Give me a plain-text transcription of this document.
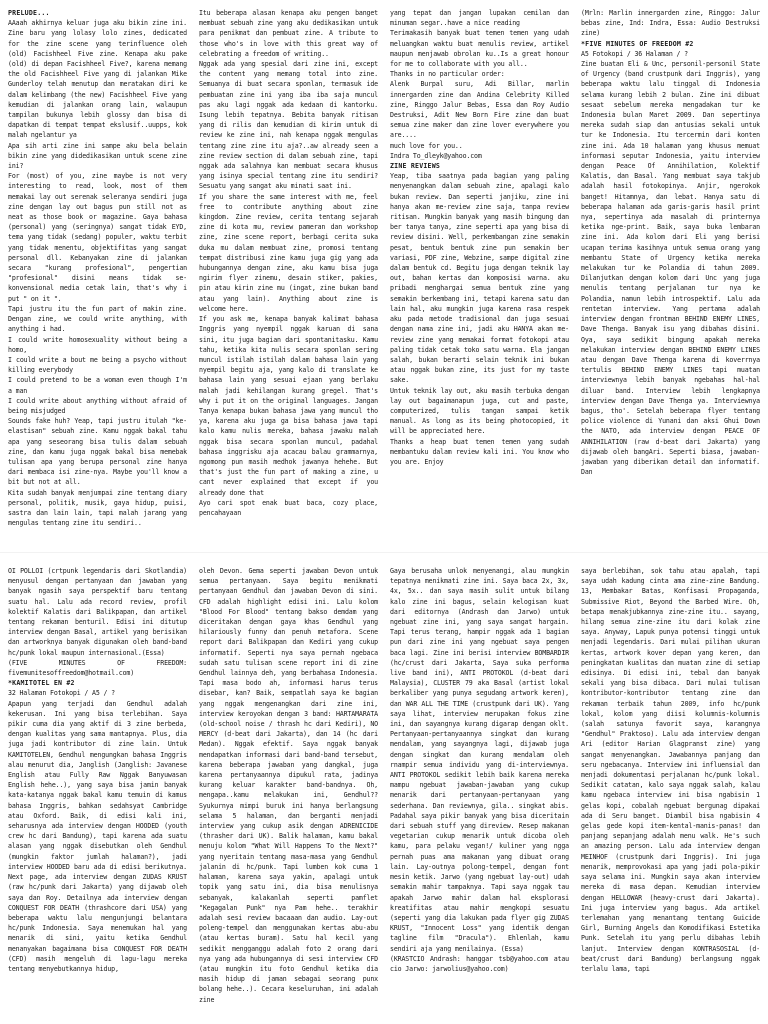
PRELUDE...

AAaah akhirnya keluar juga aku bikin zine ini. Zine baru yang lolasy lolo zines, dedicated for the zine scene yang terinfluence oleh (old) Facishheel Five zine. Kenapa aku pake (old) di depan Facishheel Five?, karena memang the old Facishheel Five yang di jalankan Mike Gunderloy telah menutup dan meratakan diri ke dalam kelimbang (the new) Facishheel Five yang kemudian di jalankan orang lain, walaupun tampilan bukunya lebih glossy dan bisa di dapatkan di tempat tempat ekslusif..uupps, kok malah ngelantur ya

Apa sih arti zine ini sampe aku bela belain bikin zine yang didedikasikan untuk scene zine ini?

For (most) of you, zine maybe is not very interesting to read, look, most of them memakai lay out serenak seleranya sendiri juga zine dengan lay out bagus pun still not as neat as those book or magazine. Gaya bahasa (personal) yang (seringnya) sangat tidak EYD, tema yang tidak (sedang) populer, waktu terbit yang tidak menentu, objektifitas yang sangat personal dll. Kebanyakan zine di jalankan secara "kurang profesional", pengertian "profesional" disini means tidak se-konvensional media cetak lain, that's why i put " on it ".

Tapi justru itu the fun part of makin zine. Dengan zine, we could write anything, with anything i had.

I could write homosexuality without being a homo,

I could write a bout me being a psycho without killing everybody

I could pretend to be a woman even though I'm a man

I could write about anything without afraid of being misjudged

Sounds fake huh? Yeap, tapi justru itulah "ke-elastisan" sebuah zine. Kamu nggak bakal tahu apa yang seseorang bisa tulis dalam sebuah zine, dan kamu juga nggak bakal bisa memebak tulisan apa yang berupa personal zine hanya dari membaca isi zine-nya. Maybe you'll know a bit but not at all.

Kita sudah banyak menjumpai zine tentang diary personal, politik, musik, gaya hidup, puisi, sastra dan lain lain, tapi malah jarang yang mengulas tentang zine itu sendiri..

Itu beberapa alasan kenapa aku pengen banget membuat sebuah zine yang aku dedikasikan untuk para penikmat dan pembuat zine. A tribute to those who's in love with this great way of celebrating a freedom of writing..

Nggak ada yang spesial dari zine ini, except the content yang memang total into zine. Semuanya di buat secara sponlan, termasuk ide pembuatan zine ini yang iba iba saja muncul pas aku lagi nggak ada kedaan di kantorku. Isung lebih tepatnya. Bebita banyak ritisan yang di rilis dan kemudian di kirim untuk di review ke zine ini, nah kenapa nggak mengulas tentang zine zine itu aja?..aw already seen a zine review section di dalam sebuah zine, tapi nggak ada salahnya kan membuat secara khusus yang isinya special tentang zine itu sendiri? Sesuatu yang sangat aku minati saat ini.

If you share the same interest with me, feel free to contribute anything about zine kingdom. Zine review, cerita tentang sejarah zine di kota mu, review pameran dan workshop zine, zine scene report, berbagi cerita suka duka mu dalam membuat zine, promosi tentang tempat distribusi zine kamu juga gig yang ada hubungannya dengan zine, aku kamu bisa juga ngirim flyer zinemu, desain stiker, pakies, pin atau kirin zine mu (ingat, zine bukan band atau yang lain). Anything about zine is welcome here.

If you ask me, kenapa banyak kalimat bahasa Inggris yang nyempil nggak karuan di sana sini, itu juga bagian dari spontanitasku. Kamu tahu, ketika kita nulis secara sponlan sering muncul istilah istilah dalam bahasa lain yang nyempil begitu aja, yang kalo di translate ke bahasa lain yang sesuai ejaan yang berlaku malah jadi kehilangan kurang gregel. That's why i put it on the original languages. Jangan Tanya kenapa bukan bahasa jawa yang muncul tho ya, karena aku juga ga bisa bahasa jawa tapi kalo kamu nulis mereka, bahasa jawaku malah nggak bisa secara sponlan muncul, padahal bahasa inggrisku aja acacau balau grammarnya, ngomong pun masih medhok jawanya hehehe. But that's just the fun part of making a zine, u cant never explained that except if you already done that

Ayo cari spot enak buat baca, cozy place, pencahayaan

yang tepat dan jangan lupakan cemilan dan minuman segar..have a nice reading

Terimakasih banyak buat temen temen yang udah meluangkan waktu buat menulis review, artikel maupun menjawab obrolan ku..Is a great honour for me to collaborate with you all..

Thanks in no particular order:

Alenk Burpal suru, Adi Billar, marlin innergarden zine dan Andina Celebrity Killed zine, Ringgo Jalur Bebas, Essa dan Roy Audio Destruksi, Adit New Born Fire zine dan buat semua zine maker dan zine lover everywhere you are....

much love for you..

Indra To_dleyk@yahoo.com

ZINE REVIEWS

Yeap, tiba saatnya pada bagian yang paling menyenangkan dalam sebuah zine, apalagi kalo bukan review. Dan seperti janjiku, zine ini hanya akan me-review zine saja, tanpa review ritisan. Mungkin banyak yang masih bingung dan ber tanya tanya, zine seperti apa yang bisa di review disini. Well, perkembangan zine semakin pesat, bentuk bentuk zine pun semakin ber variasi, PDF zine, Webzine, sampe digital zine dalam bentuk cd. Begitu juga dengan teknik lay out, bahan kertas dan komposisi warna. aku pribadi menghargai semua bentuk zine yang semakin berkembang ini, tetapi karena satu dan lain hal, aku mungkin juga karena rasa respek aku pada metode tradisional dan juga sesuai dengan nama zine ini, jadi aku HANYA akan me-review zine yang memakai format fotokopi atau paling tidak cetak toko satu warna. Ela jangan salah, bukan berarti selain teknik ini bukan atau nggak bukan zine, its just for my taste sake.

Untuk teknik lay out, aku masih terbuka dengan lay out bagaimanapun juga, cut and paste, computerized, tulis tangan sampai ketik manual. As long as its being photocopied, it will be appreciated here.

Thanks a heap buat temen temen yang sudah membantuku dalam review kali ini. You know who you are. Enjoy

(Mrln: Marlin innergarden zine, Ringgo: Jalur bebas zine, Ind: Indra, Essa: Audio Destruksi zine)

*FIVE MINUTES OF FREEDOM #2

A5 Fotokopi / 36 Halaman / ?

Zine buatan Eli & Unc, personil-personil State of Urgency (band crustpunk dari Inggris), yang beberapa waktu lalu tinggal di Indonesia selama kurang lebih 2 bulan. Zine ini dibuat sesaat sebelum mereka mengadakan tur ke Indonesia bulan Maret 2009. Dan sepertinya mereka sudah siap dan antusias sekali untuk tur ke Indonesia. Itu tercermin dari konten zine ini. Ada 10 halaman yang khusus memuat informasi seputar Indonesia, yaitu interview dengan Peace Of Annihilation, Kolektif Kalatis, dan Basal. Yang membuat saya takjub adalah hasil fotokopinya. Anjir, ngerokok banget! Hitamnya, dan lebat. Hanya satu di beberapa halaman ada garis-garis hasil print nya, sepertinya ada masalah di printernya ketika nge-print. Baik, saya buka lembaran zine ini. Ada kolom dari Eli yang berisi ucapan terima kasihnya untuk semua orang yang membantu State of Urgency ketika mereka melakukan tur ke Polandia di tahun 2009. Dilanjutkan dengan kolom dari Unc yang juga menulis tentang perjalanan tur nya ke Polandia, namun lebih introspektif. Lalu ada rentetan interview. Yang pertama adalah interview dengan frontman BEHIND ENEMY LINES, Dave Thenga. Banyak isu yang dibahas disini. Oya, saya sedikit bingung apakah mereka melakukan interview dengan BEHIND ENEMY LINES atau dengan Dave Thenga karena di koverrnya tertulis BEHIND ENEMY LINES tapi muatan interviewnya lebih banyak ngebahas hal-hal diluar band. Interview lebih lengkapnya interview dengan Dave Thenga ya. Interviewnya bagus, tho'. Setelah beberapa flyer tentang police violence di Yunani dan aksi Ghui Down the NATO, ada interview dengan PEACE OF ANNIHILATION (raw d-beat dari Jakarta) yang dijawab oleh bangAri. Seperti biasa, jawaban-jawaban yang diberikan detail dan informatif. Dan

OI POLLOI (crtpunk legendaris dari Skotlandia) menyusul dengan pertanyaan dan jawaban yang banyak ngasih saya perspektif baru tentang suatu hal. Lalu ada record review, profil kolektif Kalatis dari Balikpapan, dan artikel tentang rekaman benturil. Edisi ini ditutup interview dengan Basal, artikel yang berisikan dan artworknya banyak digunakan oleh band-band hc/punk lokal maupun internasional.(Essa)

(FIVE MINUTES OF FREEDOM: fivemunitesoffreedom@hotmail.com)

*KAMITOTEL EN #2

32 Halaman Fotokopi / A5 / ?

Apapun yang terjadi dan Gendhul adalah kekerusan. Ini yang bisa terlebihan. Saya pikir cuma dia yang aktif di 3 zine berbeda, dengan kualitas yang sama mantapnya. Plus, dia juga jadi kontributor di zine lain. Untuk KAMITOTELEN, Gendhul mengungkan bahasa Inggris alau menurut dia, Janglish (Janglish: Javanese English atau Fully Raw Nggak Banyuwasan English hehe..), yang saya bisa jamin banyak kata-katanya nggak bakal kamu temuin di kamus bahasa Inggris, bahkan sedahsyat Cambridge atau Oxford. Baik, di edisi kali ini, seharusnya ada interview dengan HOODED (youth crew hc dari Bandung), tapi karena ada suatu alasan yang nggak disebutkan oleh Gendhul (mungkin faktor jumlah halaman?), jadi interview HOODED baru ada di edisi berikutnya. Next page, ada interview dengan ZUDAS KRUST (raw hc/punk dari Jakarta) yang dijawab oleh saya dan Roy. Detailnya ada interview dengan CONQUEST FOR DEATH (thrashcore dari USA) yang beberapa waktu lalu mengunjungi belantara hc/punk Indonesia. Saya menemukan hal yang menarik di sini, yaitu ketika Gendhul menanyakan bagaimana bisa CONQUEST FOR DEATH (CFD) masih mengeluh di lagu-lagu mereka tentang menyebutkannya hidup,

oleh Devon. Gema seperti jawaban Devon untuk semua pertanyaan. Saya begitu menikmati pertanyaan Gendhul dan jawaban Devon di sini. CFD adalah highlight edisi ini. Lalu kolom "Blood For Blood" tentang bakso demdam yang diceritakan dengan gaya khas Gendhul yang hilariously funny dan penuh metafora. Scene report dari Balikpapan dan Kediri yang cukup informatif. Seperti nya saya pernah ngebaca sudah satu tulisan scene report ini di zine Gendhul lainnya deh, yang berbahasa Indonesia. Tapi masa bodo ah, informasi harus terus disebar, kan? Baik, sempatlah saya ke bagian yang nggak mengenangkan dari zine ini, interview keroyokan dengan 3 band: HARTAMARATA (old-school noise / thrash hc dari Kediri), NO MERCY (d-beat dari Jakarta), dan 14 (hc dari Medan). Nggak efektif. Saya nggak banyak mendapatkan informasi dari band-band tersebut, karena beberapa jawaban yang dangkal, juga karena pertanyaannya dipukul rata, jadinya kurang keluar karakter band-bandnya. Oh, mengapa..kamu melakukan ini, Gendhul?? Syukurnya mimpi buruk ini hanya berlangsung selama 5 halaman, dan berganti menjadi interview yang cukup asik dengan ADRENICIDE (thrasher dari UK). Balik halaman, kamu bakal menuju kolom "What Will Happens To the Next?" yang nyeritain tentang masa-masa yang Gendhul jalanin di hc/punk. Tapi lumben kok cuma 1 halaman, karena saya yakin, apalagi untuk topik yang satu ini, dia bisa menulisnya sebanyak, kalakanlah seperti pamflet "Kegagalan Punk" nya Pam hehe.. terakhir adalah sesi review bacaaan dan audio. Lay-out poleng-tempel dan menggunakan kertas abu-abu (atau kertas buram). Satu hal kecil yang sedikit mengganggu adalah foto 2 orang dari nya yang ada hubungannya di sesi interview CFD (atau mungkin itu foto Gendhul ketika dia masih hidup di jaman sebagai seorang punx bolang hehe..). Cecara keseluruhan, ini adalah zine

Gaya berusaha unlok menyenangi, alau mungkin tepatnya menikmati zine ini. Saya baca 2x, 3x, 4x, 5x.. dan saya masih sulit untuk bilang kalo zine ini bagus, selain kelogisan kuat dari editornya (Andrash dan Jarwo) untuk ngebuat zine ini, yang saya sangat hargain. Tapi terus terang, hampir nggak ada 1 bagian pun dari zine ini yang ngebuat saya pengen baca lagi. Zine ini berisi interview BOMBARDIR (hc/crust dari Jakarta, Saya suka performa live band ini), ANTI PROTOKOL (d-beat dari Malaysia), CLUSTER 79 aka Basal (artist lokal berkaliber yang punya segudang artwork keren), dan WAR ALL THE TIME (crustpunk dari UK). Yang saya lihat, interview merupakan fokus zine ini, dan sayangnya kurang digarap dengan oklt. Pertanyaan-pertanyaannya singkat dan kurang mendalam, yang sayangnya lagi, dijawab juga dengan singkat dan kurang mendalam oleh rnampir semua individu yang di-interviewnya. ANTI PROTOKOL sedikit lebih baik karena mereka mampu ngebuat jawaban-jawaban yang cukup menarik dari pertanyaan-pertanyaan yang sederhana. Dan reviewnya, gila.. singkat abis. Padahal saya pikir banyak yang bisa diceritain dari sebuah stuff yang direview. Resep makanan vegetarian cukup menarik untuk dicoba oleh kamu, para pelaku vegan!/ kuliner yang ngga pernah puas ama makanan yang dibuat orang lain. Lay-outnya polong-tempel, dengan font mesin ketik. Jarwo (yang ngebuat lay-out) udah semakin mahir tampaknya. Tapi saya nggak tau apakah Jarwo mahir dalam hal eksplorasi kreatifitas atau mahir mengkopi sesuatu (seperti yang dia lakukan pada flyer gig ZUDAS KRUST, "Innocent Loss" yang identik dengan tagline film "Dracula"). Ehlenlah, kamu sendiri aja yang menilainya. (Essa)

(KRASTCIO Andrash: hanggar tsb@yahoo.com atau cio Jarwo: jarwolius@yahoo.com)

saya berlebihan, sok tahu atau apalah, tapi saya udah kadung cinta ama zine-zine Bandung. 13, Membakar Batas, Konfisasi Propaganda, Submissive Riot, Beyond the Barbed Wire. Oh, betapa menakjubkannya zine-zine itu.. sayang, hilang semua zine-zine itu dari kolak zine saya. Anyway, Lapuk punya potensi tinggi untuk menjadi legendaris. Dari mulai pilihan ukuran kertas, artwork kover depan yang keren, dan peningkatan kualitas dan muatan zine di setiap edisinya. Di edisi ini, tebal dan banyak sekali yang bisa dibaca. Dari mulai tulisan kontributor-kontributor tentang zine dan rekaman terbaik tahun 2009, info hc/punk lokal, kolom yang diisi kolumnis-kolumnis (salah satunya favorit saya, karangnya "Gendhul" Praktoso). Lalu ada interview dengan Ari (editor Harian Glagpranst zine) yang sangat menyenangkan. Jawabannya panjang dan seru ngebacanya. Interview ini influensial dan menjadi dokumentasi perjalanan hc/punk lokal. Sedikit catatan, kalo saya nggak salah, kalau kamu ngebaca interview ini bisa ngabisin 1 gelas kopi, cobalah ngebuat bergunag dipakai ada di Seru banget. Diambil bisa ngabisin 4 gelas gede kopi item-kental-manis-panas! dan panjang sepanjang adalah menu walk. He's such an amazing person. Lalu ada interview dengan MEINHOF (crustpunk dari Inggris). Ini juga menarik, memprovokasi apa yang jadi pola-pikir saya selama ini. Mungkin saya akan interview mereka di masa depan. Kemudian interview dengan HELLOWAR (heavy-crust dari Jakarta). Ini juga interview yang bagus. Ada artikel terlemahan yang menantang tentang Guicide Girl, Burning Angels dan Komodifikasi Estetika Punk. Setelah itu yang perlu dibahas lebih lanjut. Interview dengan KONTRASOSIAL (d-beat/crust dari Bandung) berlangsung nggak terlalu lama, tapi
